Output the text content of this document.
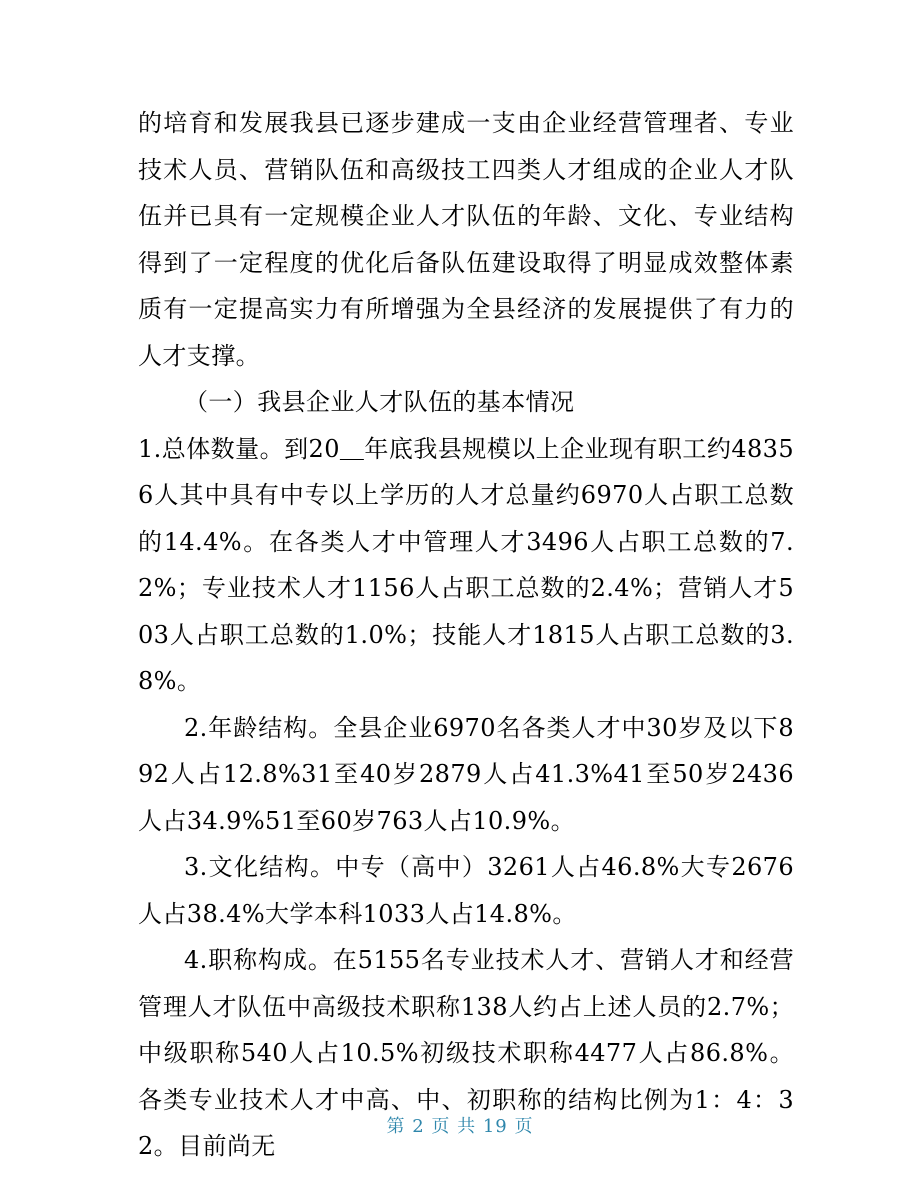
的培育和发展我县已逐步建成一支由企业经营管理者、专业技术人员、营销队伍和高级技工四类人才组成的企业人才队伍并已具有一定规模企业人才队伍的年龄、文化、专业结构得到了一定程度的优化后备队伍建设取得了明显成效整体素质有一定提高实力有所增强为全县经济的发展提供了有力的人才支撑。

（一）我县企业人才队伍的基本情况

1.总体数量。到20＿年底我县规模以上企业现有职工约48356人其中具有中专以上学历的人才总量约6970人占职工总数的14.4%。在各类人才中管理人才3496人占职工总数的7.2%；专业技术人才1156人占职工总数的2.4%；营销人才503人占职工总数的1.0%；技能人才1815人占职工总数的3.8%。

2.年龄结构。全县企业6970名各类人才中30岁及以下892人占12.8%31至40岁2879人占41.3%41至50岁2436人占34.9%51至60岁763人占10.9%。

3.文化结构。中专（高中）3261人占46.8%大专2676人占38.4%大学本科1033人占14.8%。

4.职称构成。在5155名专业技术人才、营销人才和经营管理人才队伍中高级技术职称138人约占上述人员的2.7%；中级职称540人占10.5%初级技术职称4477人占86.8%。各类专业技术人才中高、中、初职称的结构比例为1：4：32。目前尚无

第 2 页 共 19 页
